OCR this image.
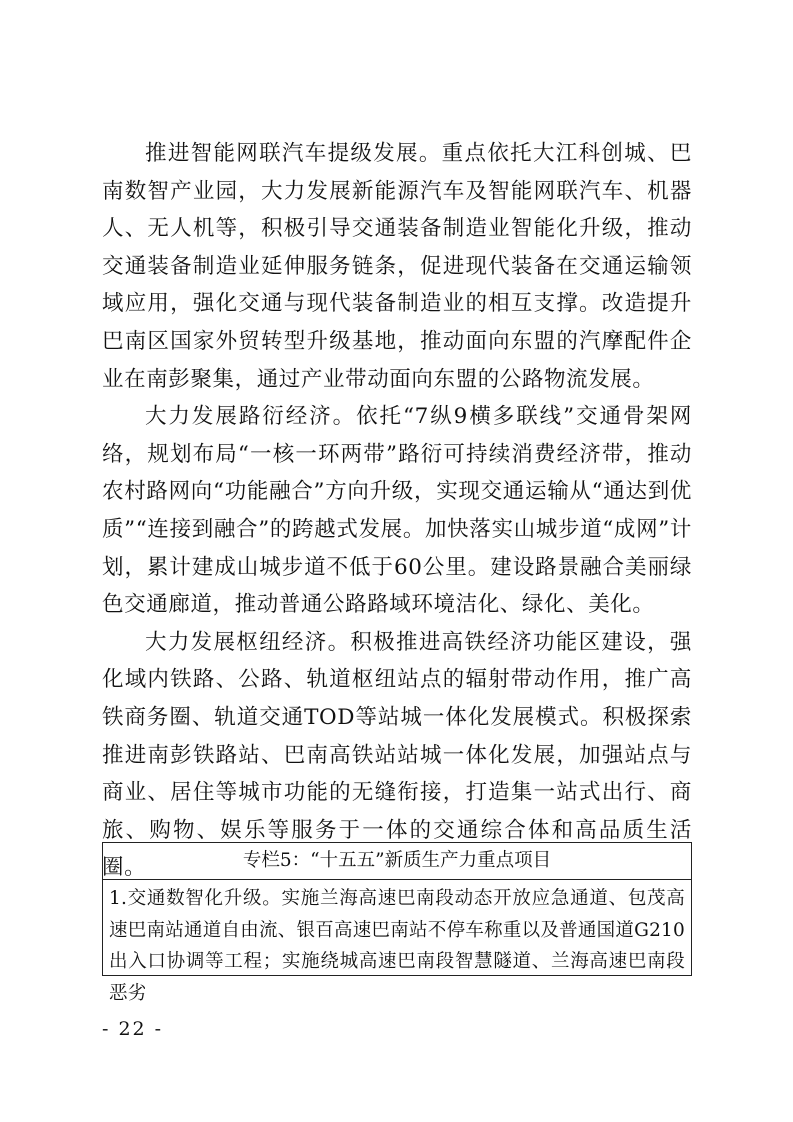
推进智能网联汽车提级发展。重点依托大江科创城、巴南数智产业园，大力发展新能源汽车及智能网联汽车、机器人、无人机等，积极引导交通装备制造业智能化升级，推动交通装备制造业延伸服务链条，促进现代装备在交通运输领域应用，强化交通与现代装备制造业的相互支撑。改造提升巴南区国家外贸转型升级基地，推动面向东盟的汽摩配件企业在南彭聚集，通过产业带动面向东盟的公路物流发展。

大力发展路衍经济。依托“7纵9横多联线”交通骨架网络，规划布局“一核一环两带”路衍可持续消费经济带，推动农村路网向“功能融合”方向升级，实现交通运输从“通达到优质”“连接到融合”的跨越式发展。加快落实山城步道“成网”计划，累计建成山城步道不低于60公里。建设路景融合美丽绿色交通廊道，推动普通公路路域环境洁化、绿化、美化。

大力发展枢纽经济。积极推进高铁经济功能区建设，强化域内铁路、公路、轨道枢纽站点的辐射带动作用，推广高铁商务圈、轨道交通TOD等站城一体化发展模式。积极探索推进南彭铁路站、巴南高铁站站城一体化发展，加强站点与商业、居住等城市功能的无缝衔接，打造集一站式出行、商旅、购物、娱乐等服务于一体的交通综合体和高品质生活圈。	专栏5：“十五五”新质生产力重点项目
1.交通数智化升级。实施兰海高速巴南段动态开放应急通道、包茂高速巴南站通道自由流、银百高速巴南站不停车称重以及普通国道G210出入口协调等工程；实施绕城高速巴南段智慧隧道、兰海高速巴南段恶劣
- 22 -
